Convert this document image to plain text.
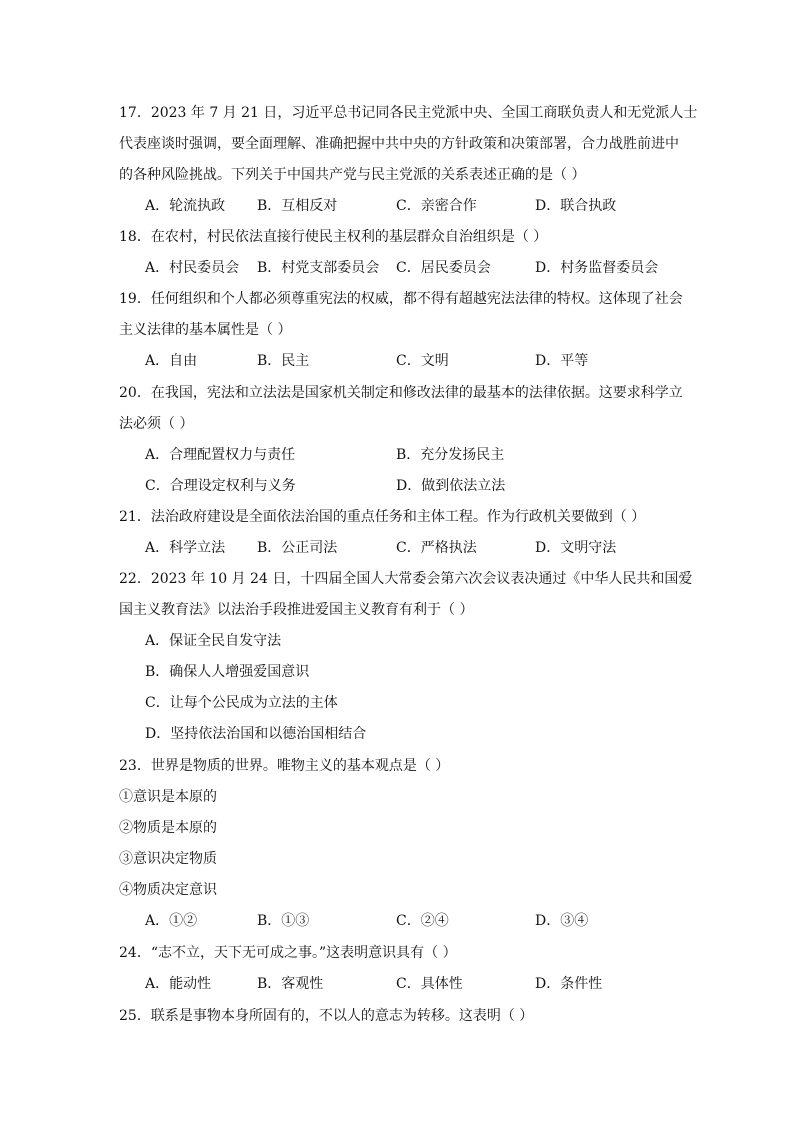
17．2023 年 7 月 21 日，习近平总书记同各民主党派中央、全国工商联负责人和无党派人士
代表座谈时强调，要全面理解、准确把握中共中央的方针政策和决策部署，合力战胜前进中
的各种风险挑战。下列关于中国共产党与民主党派的关系表述正确的是（ ）
A．轮流执政 B．互相反对	C．亲密合作	D．联合执政
18．在农村，村民依法直接行使民主权利的基层群众自治组织是（ ）
A．村民委员会 B．村党支部委员会 C．居民委员会	D．村务监督委员会
19．任何组织和个人都必须尊重宪法的权威，都不得有超越宪法法律的特权。这体现了社会
主义法律的基本属性是（ ）
A．自由	B．民主	C．文明	D．平等
20．在我国，宪法和立法法是国家机关制定和修改法律的最基本的法律依据。这要求科学立
法必须（ ）
A．合理配置权力与责任	B．充分发扬民主
C．合理设定权利与义务	D．做到依法立法
21．法治政府建设是全面依法治国的重点任务和主体工程。作为行政机关要做到（ ）
A．科学立法 B．公正司法	C．严格执法	D．文明守法
22．2023 年 10 月 24 日，十四届全国人大常委会第六次会议表决通过《中华人民共和国爱
国主义教育法》以法治手段推进爱国主义教育有利于（ ）
A．保证全民自发守法
B．确保人人增强爱国意识
C．让每个公民成为立法的主体
D．坚持依法治国和以德治国相结合
23．世界是物质的世界。唯物主义的基本观点是（ ）
①意识是本原的
②物质是本原的
③意识决定物质
④物质决定意识
A．①②	B．①③	C．②④	D．③④
24．“志不立，天下无可成之事。”这表明意识具有（ ）
A．能动性	B．客观性	C．具体性	D．条件性
25．联系是事物本身所固有的，不以人的意志为转移。这表明（ ）
